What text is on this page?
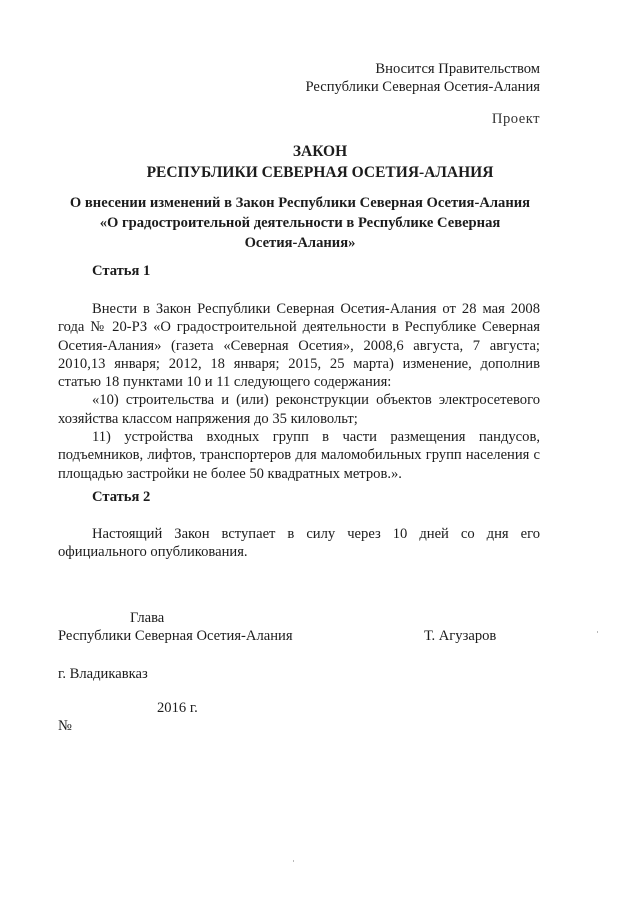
Вносится Правительством
Республики Северная Осетия-Алания
Проект
ЗАКОН
РЕСПУБЛИКИ СЕВЕРНАЯ ОСЕТИЯ-АЛАНИЯ
О внесении изменений в Закон Республики Северная Осетия-Алания
«О градостроительной деятельности в Республике Северная
Осетия-Алания»
Статья 1

Внести в Закон Республики Северная Осетия-Алания от 28 мая 2008 года № 20-РЗ «О градостроительной деятельности в Республике Северная Осетия-Алания» (газета «Северная Осетия», 2008,6 августа, 7 августа; 2010,13 января; 2012, 18 января; 2015, 25 марта) изменение, дополнив статью 18 пунктами 10 и 11 следующего содержания:

«10) строительства и (или) реконструкции объектов электросетевого хозяйства классом напряжения до 35 киловольт;

11) устройства входных групп в части размещения пандусов, подъемников, лифтов, транспортеров для маломобильных групп населения с площадью застройки не более 50 квадратных метров.».

Статья 2

Настоящий Закон вступает в силу через 10 дней со дня его официального опубликования.

Глава
Республики Северная Осетия-Алания	Т. Агузаров
г. Владикавказ
2016 г.
№
